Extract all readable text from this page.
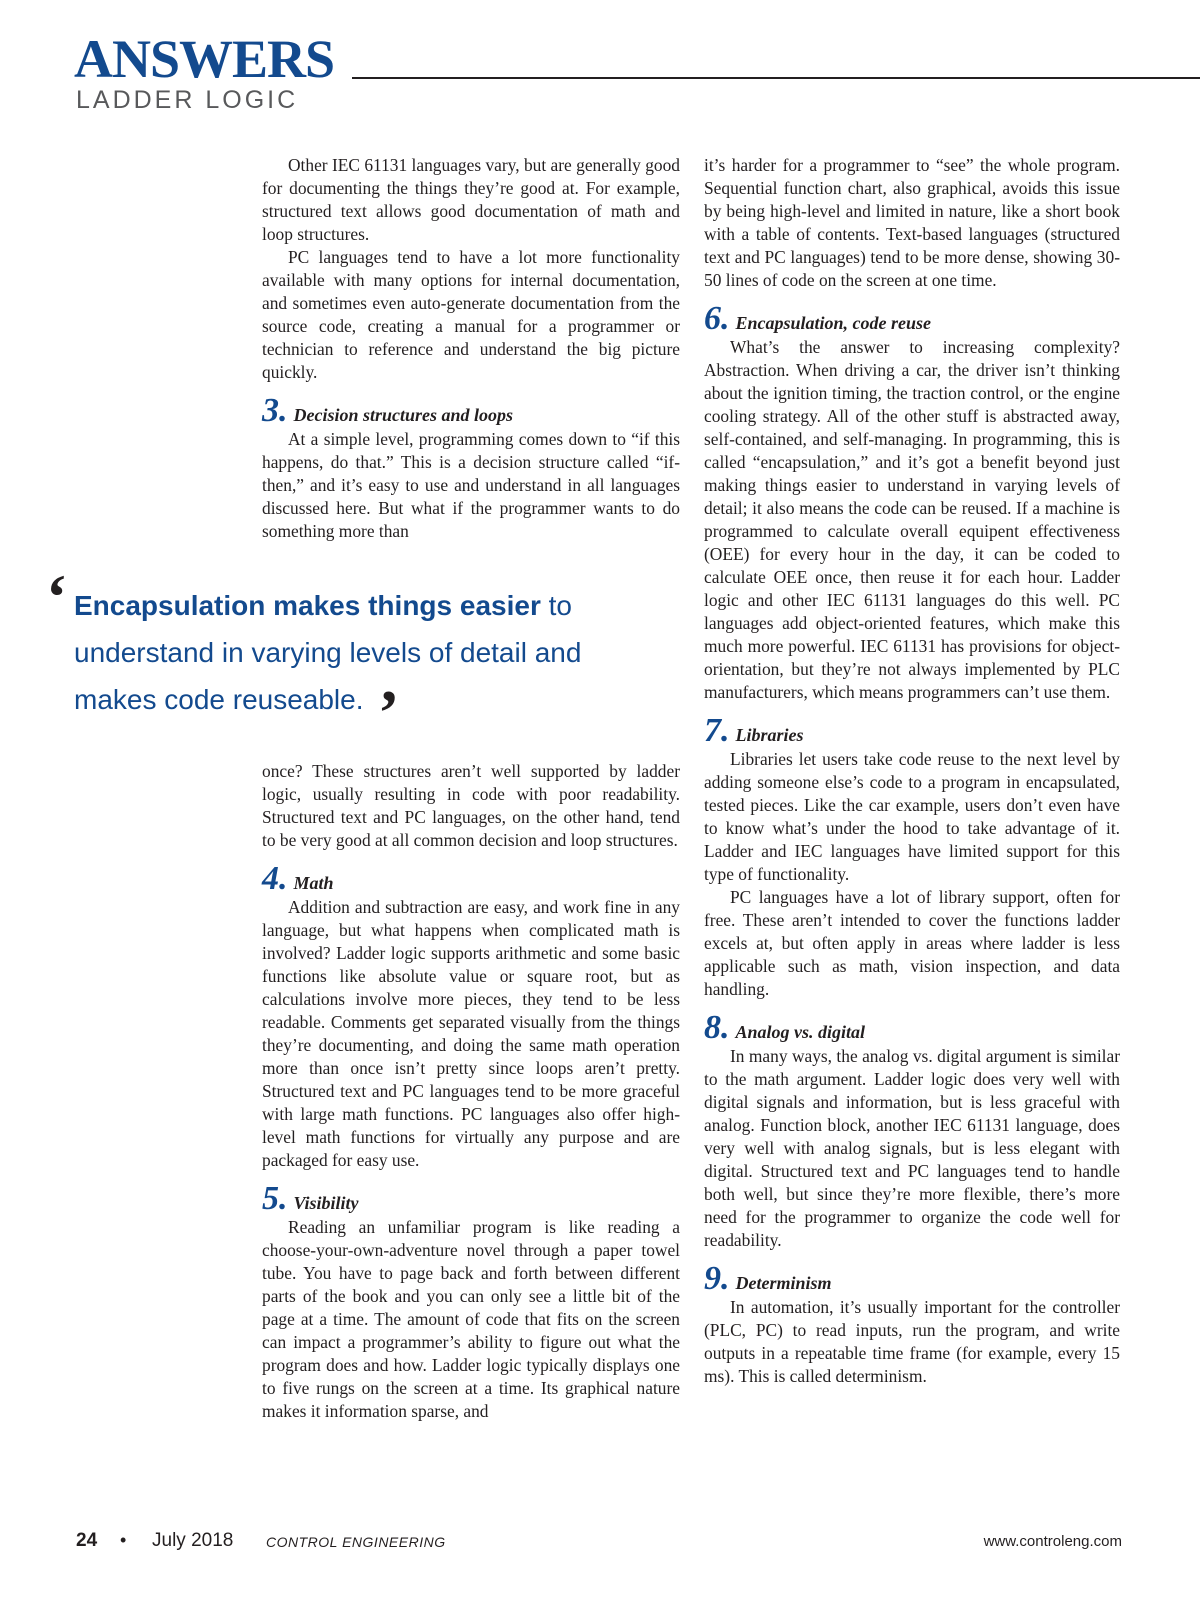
ANSWERS
LADDER LOGIC

Other IEC 61131 languages vary, but are generally good for documenting the things they’re good at. For example, structured text allows good documentation of math and loop structures.

PC languages tend to have a lot more functionality available with many options for internal documentation, and sometimes even auto-generate documentation from the source code, creating a manual for a programmer or technician to reference and understand the big picture quickly.

3. Decision structures and loops

At a simple level, programming comes down to “if this happens, do that.” This is a decision structure called “if-then,” and it’s easy to use and understand in all languages discussed here. But what if the programmer wants to do something more than

‘ Encapsulation makes things easier to understand in varying levels of detail and makes code reuseable. ’

once? These structures aren’t well supported by ladder logic, usually resulting in code with poor readability. Structured text and PC languages, on the other hand, tend to be very good at all common decision and loop structures.

4. Math

Addition and subtraction are easy, and work fine in any language, but what happens when complicated math is involved? Ladder logic supports arithmetic and some basic functions like absolute value or square root, but as calculations involve more pieces, they tend to be less readable. Comments get separated visually from the things they’re documenting, and doing the same math operation more than once isn’t pretty since loops aren’t pretty. Structured text and PC languages tend to be more graceful with large math functions. PC languages also offer high-level math functions for virtually any purpose and are packaged for easy use.

5. Visibility

Reading an unfamiliar program is like reading a choose-your-own-adventure novel through a paper towel tube. You have to page back and forth between different parts of the book and you can only see a little bit of the page at a time. The amount of code that fits on the screen can impact a programmer’s ability to figure out what the program does and how. Ladder logic typically displays one to five rungs on the screen at a time. Its graphical nature makes it information sparse, and

it’s harder for a programmer to “see” the whole program. Sequential function chart, also graphical, avoids this issue by being high-level and limited in nature, like a short book with a table of contents. Text-based languages (structured text and PC languages) tend to be more dense, showing 30-50 lines of code on the screen at one time.

6. Encapsulation, code reuse

What’s the answer to increasing complexity? Abstraction. When driving a car, the driver isn’t thinking about the ignition timing, the traction control, or the engine cooling strategy. All of the other stuff is abstracted away, self-contained, and self-managing. In programming, this is called “encapsulation,” and it’s got a benefit beyond just making things easier to understand in varying levels of detail; it also means the code can be reused. If a machine is programmed to calculate overall equipent effectiveness (OEE) for every hour in the day, it can be coded to calculate OEE once, then reuse it for each hour. Ladder logic and other IEC 61131 languages do this well. PC languages add object-oriented features, which make this much more powerful. IEC 61131 has provisions for object-orientation, but they’re not always implemented by PLC manufacturers, which means programmers can’t use them.

7. Libraries

Libraries let users take code reuse to the next level by adding someone else’s code to a program in encapsulated, tested pieces. Like the car example, users don’t even have to know what’s under the hood to take advantage of it. Ladder and IEC languages have limited support for this type of functionality.

PC languages have a lot of library support, often for free. These aren’t intended to cover the functions ladder excels at, but often apply in areas where ladder is less applicable such as math, vision inspection, and data handling.

8. Analog vs. digital

In many ways, the analog vs. digital argument is similar to the math argument. Ladder logic does very well with digital signals and information, but is less graceful with analog. Function block, another IEC 61131 language, does very well with analog signals, but is less elegant with digital. Structured text and PC languages tend to handle both well, but since they’re more flexible, there’s more need for the programmer to organize the code well for readability.

9. Determinism

In automation, it’s usually important for the controller (PLC, PC) to read inputs, run the program, and write outputs in a repeatable time frame (for example, every 15 ms). This is called determinism.

24 • July 2018 CONTROL ENGINEERING	www.controleng.com
